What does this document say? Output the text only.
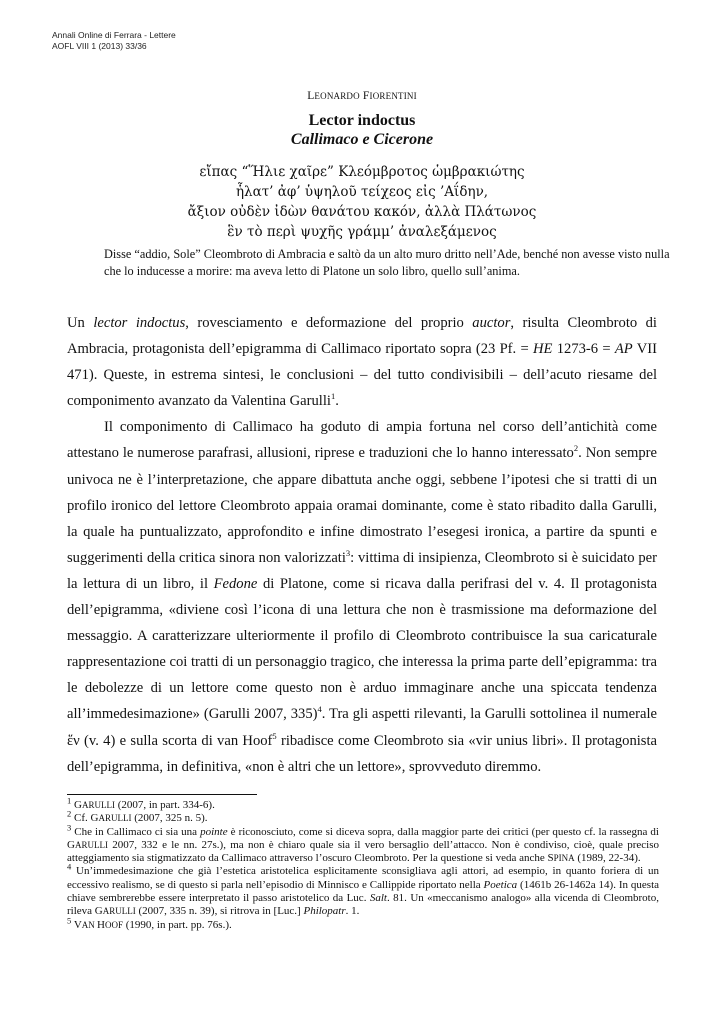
Annali Online di Ferrara - Lettere
AOFL VIII 1 (2013) 33/36
LEONARDO FIORENTINI
Lector indoctus
Callimaco e Cicerone
εἴπας “Ἥλιε χαῖρε” Κλεόμβροτος ὡμβρακιώτης
ἧλατ’ ἀφ’ ὑψηλοῦ τείχεος εἰς ’Αΐδην,
ἄξιον οὐδὲν ἰδὼν θανάτου κακόν, ἀλλὰ Πλάτωνος
ἓν τὸ περὶ ψυχῆς γράμμ’ ἀναλεξάμενος
Disse “addio, Sole” Cleombroto di Ambracia e saltò da un alto muro dritto nell’Ade, benché non avesse visto nulla che lo inducesse a morire: ma aveva letto di Platone un solo libro, quello sull’anima.

Un lector indoctus, rovesciamento e deformazione del proprio auctor, risulta Cleombroto di Ambracia, protagonista dell’epigramma di Callimaco riportato sopra (23 Pf. = HE 1273-6 = AP VII 471). Queste, in estrema sintesi, le conclusioni – del tutto condivisibili – dell’acuto riesame del componimento avanzato da Valentina Garulli$^1$.

Il componimento di Callimaco ha goduto di ampia fortuna nel corso dell’antichità come attestano le numerose parafrasi, allusioni, riprese e traduzioni che lo hanno interessato$^2$. Non sempre univoca ne è l’interpretazione, che appare dibattuta anche oggi, sebbene l’ipotesi che si tratti di un profilo ironico del lettore Cleombroto appaia oramai dominante, come è stato ribadito dalla Garulli, la quale ha puntualizzato, approfondito e infine dimostrato l’esegesi ironica, a partire da spunti e suggerimenti della critica sinora non valorizzati$^3$: vittima di insipienza, Cleombroto si è suicidato per la lettura di un libro, il Fedone di Platone, come si ricava dalla perifrasi del v. 4. Il protagonista dell’epigramma, «diviene così l’icona di una lettura che non è trasmissione ma deformazione del messaggio. A caratterizzare ulteriormente il profilo di Cleombroto contribuisce la sua caricaturale rappresentazione coi tratti di un personaggio tragico, che interessa la prima parte dell’epigramma: tra le debolezze di un lettore come questo non è arduo immaginare anche una spiccata tendenza all’immedesimazione» (Garulli 2007, 335)$^4$. Tra gli aspetti rilevanti, la Garulli sottolinea il numerale ἕν (v. 4) e sulla scorta di van Hoof$^5$ ribadisce come Cleombroto sia «vir unius libri». Il protagonista dell’epigramma, in definitiva, «non è altri che un lettore», sprovveduto diremmo.

$^1$ GARULLI (2007, in part. 334-6).
$^2$ Cf. GARULLI (2007, 325 n. 5).
$^3$ Che in Callimaco ci sia una pointe è riconosciuto, come si diceva sopra, dalla maggior parte dei critici (per questo cf. la rassegna di GARULLI 2007, 332 e le nn. 27s.), ma non è chiaro quale sia il vero bersaglio dell’attacco. Non è condiviso, cioè, quale preciso atteggiamento sia stigmatizzato da Callimaco attraverso l’oscuro Cleombroto. Per la questione si veda anche SPINA (1989, 22-34).
$^4$ Un’immedesimazione che già l’estetica aristotelica esplicitamente sconsigliava agli attori, ad esempio, in quanto foriera di un eccessivo realismo, se di questo si parla nell’episodio di Minnisco e Callippide riportato nella Poetica (1461b 26-1462a 14). In questa chiave sembrerebbe essere interpretato il passo aristotelico da Luc. Salt. 81. Un «meccanismo analogo» alla vicenda di Cleombroto, rileva GARULLI (2007, 335 n. 39), si ritrova in [Luc.] Philopatr. 1.
$^5$ VAN HOOF (1990, in part. pp. 76s.).
